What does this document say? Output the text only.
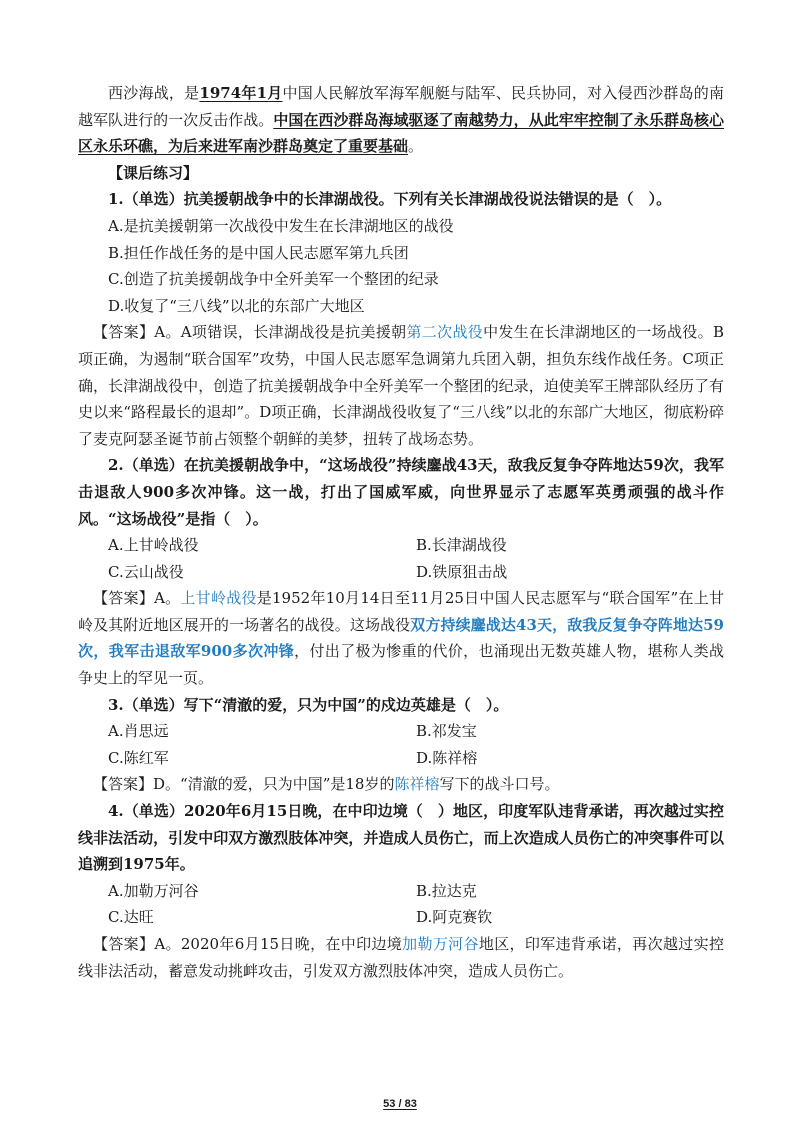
西沙海战，是1974年1月中国人民解放军海军舰艇与陆军、民兵协同，对入侵西沙群岛的南越军队进行的一次反击作战。中国在西沙群岛海域驱逐了南越势力，从此牢牢控制了永乐群岛核心区永乐环礁，为后来进军南沙群岛奠定了重要基础。

【课后练习】

1.（单选）抗美援朝战争中的长津湖战役。下列有关长津湖战役说法错误的是（　）。

A.是抗美援朝第一次战役中发生在长津湖地区的战役

B.担任作战任务的是中国人民志愿军第九兵团

C.创造了抗美援朝战争中全歼美军一个整团的纪录

D.收复了“三八线”以北的东部广大地区

【答案】A。A项错误，长津湖战役是抗美援朝第二次战役中发生在长津湖地区的一场战役。B项正确，为遏制“联合国军”攻势，中国人民志愿军急调第九兵团入朝，担负东线作战任务。C项正确，长津湖战役中，创造了抗美援朝战争中全歼美军一个整团的纪录，迫使美军王牌部队经历了有史以来“路程最长的退却”。D项正确，长津湖战役收复了“三八线”以北的东部广大地区，彻底粉碎了麦克阿瑟圣诞节前占领整个朝鲜的美梦，扭转了战场态势。

2.（单选）在抗美援朝战争中，“这场战役”持续鏖战43天，敌我反复争夺阵地达59次，我军击退敌人900多次冲锋。这一战，打出了国威军威，向世界显示了志愿军英勇顽强的战斗作风。“这场战役”是指（　）。

A.上甘岭战役	B.长津湖战役
C.云山战役	D.铁原狙击战

【答案】A。上甘岭战役是1952年10月14日至11月25日中国人民志愿军与“联合国军”在上甘岭及其附近地区展开的一场著名的战役。这场战役双方持续鏖战达43天，敌我反复争夺阵地达59次，我军击退敌军900多次冲锋，付出了极为惨重的代价，也涌现出无数英雄人物，堪称人类战争史上的罕见一页。

3.（单选）写下“清澈的爱，只为中国”的戍边英雄是（　）。

A.肖思远	B.祁发宝
C.陈红军	D.陈祥榕

【答案】D。“清澈的爱，只为中国”是18岁的陈祥榕写下的战斗口号。

4.（单选）2020年6月15日晚，在中印边境（　）地区，印度军队违背承诺，再次越过实控线非法活动，引发中印双方激烈肢体冲突，并造成人员伤亡，而上次造成人员伤亡的冲突事件可以追溯到1975年。

A.加勒万河谷	B.拉达克
C.达旺	D.阿克赛钦

【答案】A。2020年6月15日晚，在中印边境加勒万河谷地区，印军违背承诺，再次越过实控线非法活动，蓄意发动挑衅攻击，引发双方激烈肢体冲突，造成人员伤亡。

53 / 83
